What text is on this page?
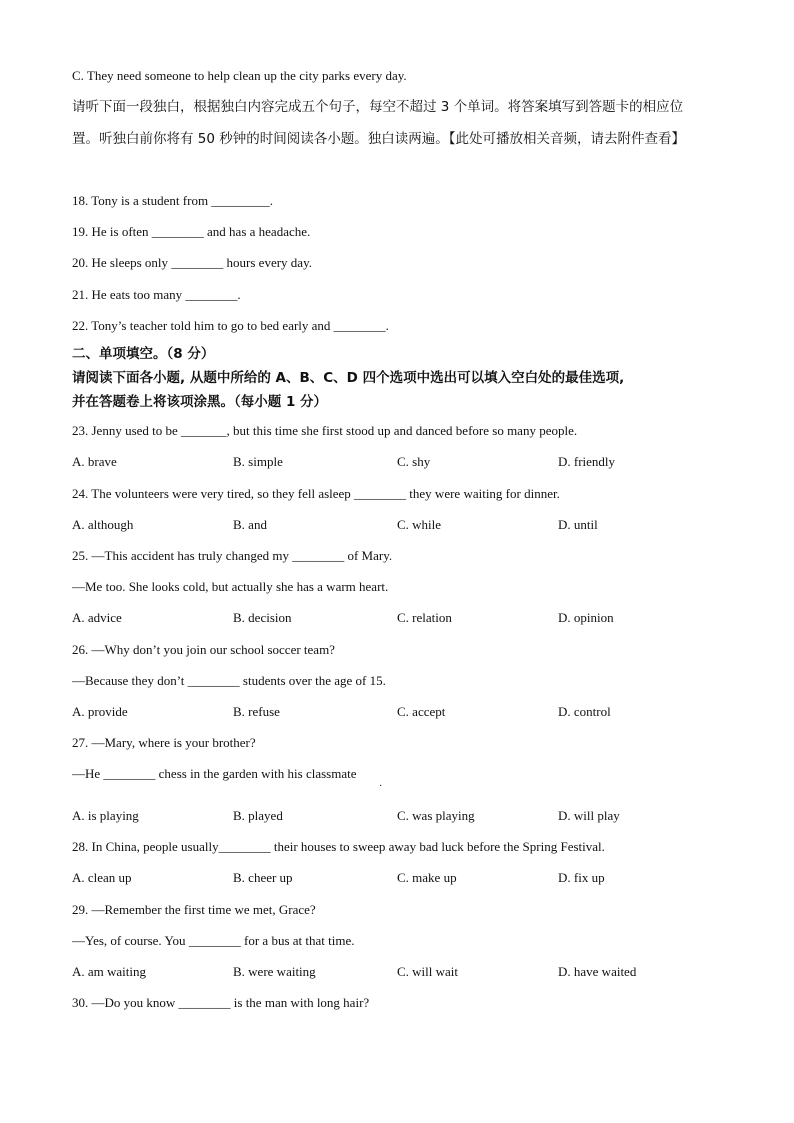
C. They need someone to help clean up the city parks every day.
请听下面一段独白，根据独白内容完成五个句子，每空不超过 3 个单词。将答案填写到答题卡的相应位
置。听独白前你将有 50 秒钟的时间阅读各小题。独白读两遍。【此处可播放相关音频，请去附件查看】
18. Tony is a student from _________.
19. He is often ________ and has a headache.
20. He sleeps only ________ hours every day.
21. He eats too many ________.
22. Tony’s teacher told him to go to bed early and ________.
二、单项填空。（8 分）
请阅读下面各小题, 从题中所给的 A、B、C、D 四个选项中选出可以填入空白处的最佳选项,
并在答题卷上将该项涂黑。（每小题 1 分）
23. Jenny used to be _______, but this time she first stood up and danced before so many people.
A. brave	B. simple	C. shy	D. friendly
24. The volunteers were very tired, so they fell asleep ________ they were waiting for dinner.
A. although	B. and	C. while	D. until
25. —This accident has truly changed my ________ of Mary.
—Me too. She looks cold, but actually she has a warm heart.
A. advice	B. decision	C. relation	D. opinion
26. —Why don’t you join our school soccer team?
—Because they don’t ________ students over the age of 15.
A. provide	B. refuse	C. accept	D. control
27. —Mary, where is your brother?
—He ________ chess in the garden with his classmate
·
A. is playing	B. played	C. was playing	D. will play
28. In China, people usually________ their houses to sweep away bad luck before the Spring Festival.
A. clean up	B. cheer up	C. make up	D. fix up
29. —Remember the first time we met, Grace?
—Yes, of course. You ________ for a bus at that time.
A. am waiting	B. were waiting	C. will wait	D. have waited
30. —Do you know ________ is the man with long hair?
